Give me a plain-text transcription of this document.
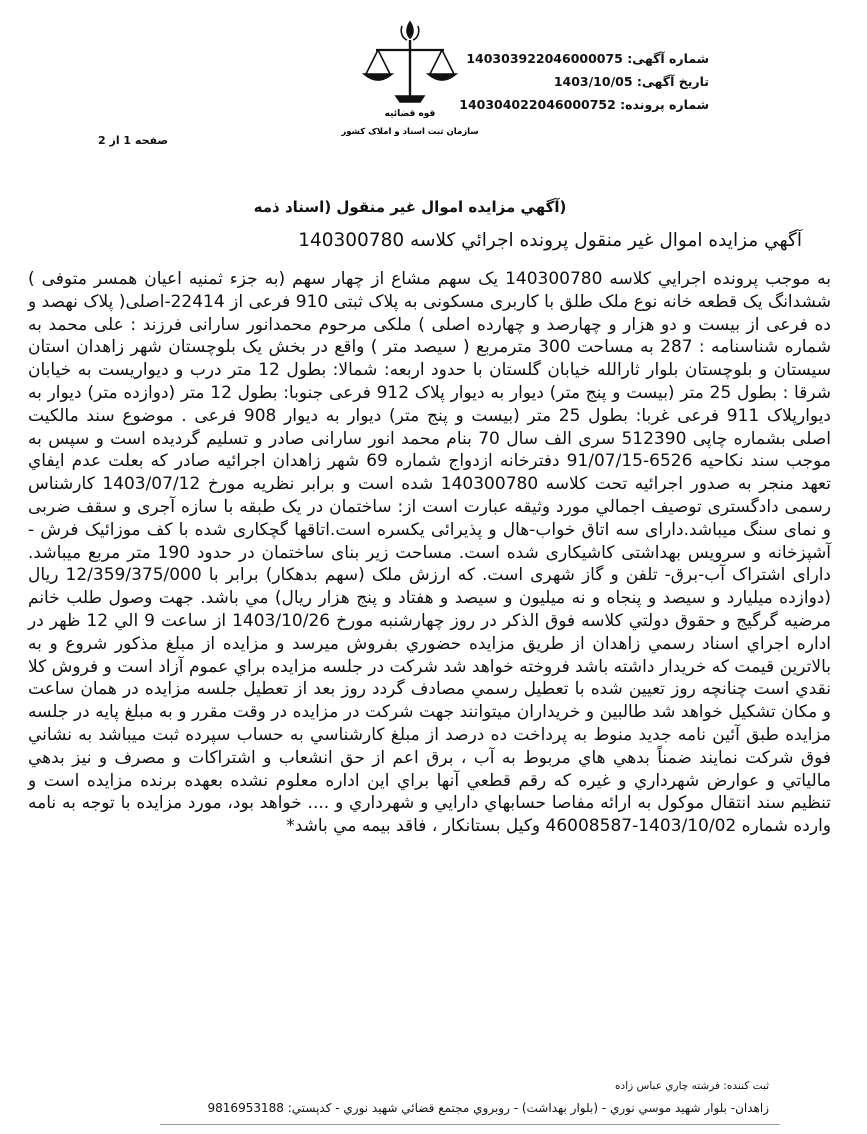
شماره آگهی: 140303922046000075
تاریخ آگهی: 1403/10/05
شماره پرونده: 140304022046000752
قوه قضائیه
سازمان ثبت اسناد و املاک کشور
صفحه 1 از 2
(آگهي مزايده اموال غير منقول (اسناد ذمه
آگهي مزايده اموال غير منقول پرونده اجرائي كلاسه 140300780
به موجب پرونده اجرايي كلاسه 140300780 یک سهم مشاع از چهار سهم (به جزء ثمنیه اعیان همسر متوفی ) ششدانگ یک قطعه خانه نوع ملک طلق با کاربری مسکونی به پلاک ثبتی 910 فرعی از 22414-اصلی( پلاک نهصد و ده فرعی از بیست و دو هزار و چهارصد و چهارده اصلی ) ملکی مرحوم محمدانور سارانی فرزند : علی محمد به شماره شناسنامه : 287 به مساحت 300 مترمربع ( سیصد متر ) واقع در بخش یک بلوچستان شهر زاهدان استان سیستان و بلوچستان بلوار ثارالله خیابان گلستان با حدود اربعه: شمالا: بطول 12 متر درب و دیواریست به خیابان شرقا : بطول 25 متر (بیست و پنج متر) دیوار به دیوار پلاک 912 فرعی جنوبا: بطول 12 متر (دوازده متر) دیوار به دیوارپلاک 911 فرعی غربا: بطول 25 متر (بیست و پنج متر) دیوار به دیوار 908 فرعی . موضوع سند مالکیت اصلی بشماره چاپی 512390 سری الف سال 70 بنام محمد انور سارانی صادر و تسلیم گردیده است و سپس به موجب سند نکاحیه 6526-91/07/15 دفترخانه ازدواج شماره 69 شهر زاهدان اجرائیه صادر که بعلت عدم ايفاي تعهد منجر به صدور اجرائیه تحت كلاسه 140300780 شده است و برابر نظريه مورخ 1403/07/12 کارشناس رسمی دادگستری توصيف اجمالي مورد وثيقه عبارت است از: ساختمان در یک طبقه با سازه آجری و سقف ضربی و نمای سنگ میباشد.دارای سه اتاق خواب-هال و پذیرائی یکسره است.اتاقها گچکاری شده با کف موزائیک فرش - آشپزخانه و سرویس بهداشتی کاشیکاری شده است. مساحت زیر بنای ساختمان در حدود 190 متر مربع میباشد. دارای اشتراک آب-برق- تلفن و گاز شهری است. که ارزش ملک (سهم بدهکار) برابر با 12/359/375/000 ريال (دوازده میلیارد و سیصد و پنجاه و نه میلیون و سیصد و هفتاد و پنج هزار ریال) مي باشد. جهت وصول طلب خانم مرضیه گرگیج و حقوق دولتي كلاسه فوق الذكر در روز چهارشنبه مورخ 1403/10/26 از ساعت 9 الي 12 ظهر در اداره اجراي اسناد رسمي زاهدان از طريق مزايده حضوري بفروش ميرسد و مزايده از مبلغ مذكور شروع و به بالاترين قيمت كه خريدار داشته باشد فروخته خواهد شد شركت در جلسه مزايده براي عموم آزاد است و فروش كلا نقدي است چنانچه روز تعيين شده با تعطيل رسمي مصادف گردد روز بعد از تعطيل جلسه مزايده در همان ساعت و مكان تشكيل خواهد شد طالبين و خريداران ميتوانند جهت شركت در مزايده در وقت مقرر و به مبلغ پايه در جلسه مزايده طبق آئين نامه جديد منوط به پرداخت ده درصد از مبلغ كارشناسي به حساب سپرده ثبت ميباشد به نشاني فوق شركت نمايند ضمناً بدهي هاي مربوط به آب ، برق اعم از حق انشعاب و اشتراكات و مصرف و نيز بدهي مالياتي و عوارض شهرداري و غيره كه رقم قطعي آنها براي اين اداره معلوم نشده بعهده برنده مزايده است و تنظيم سند انتقال موكول به ارائه مفاصا حسابهاي دارايي و شهرداري و .... خواهد بود، مورد مزايده با توجه به نامه وارده شماره 1403/10/02-46008587 وكيل بستانكار ، فاقد بيمه مي باشد*
ثبت کننده: فرشته چاري عباس زاده
زاهدان- بلوار شهید موسي نوري - (بلوار بهداشت) - روبروي مجتمع قضائي شهيد نوري - كدپستي: 9816953188
